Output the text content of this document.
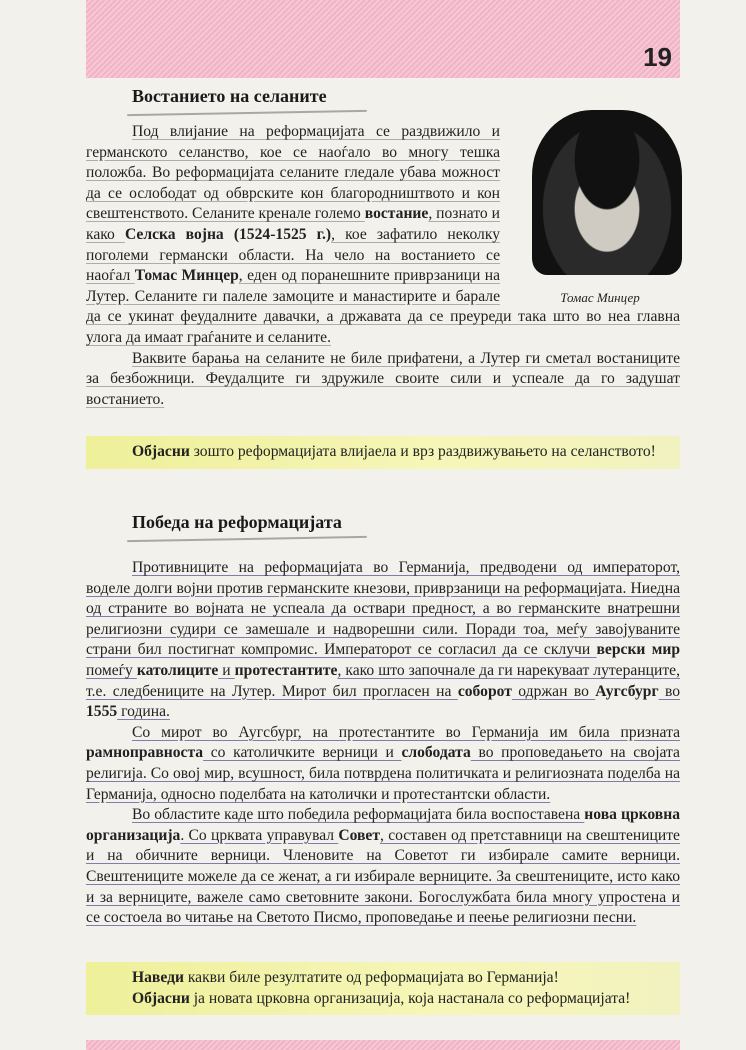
19
Востанието на селаните
Томас Минцер

Под влијание на реформацијата се раздвижило и германското селанство, кое се наоѓало во многу тешка положба. Во реформацијата селаните гледале убава можност да се ослободат од обврските кон благородништвото и кон свештенството. Селаните кренале големо востание, познато и како Селска војна (1524-1525 г.), кое зафатило неколку поголеми германски области. На чело на востанието се наоѓал Томас Минцер, еден од поранешните приврзаници на Лутер. Селаните ги палеле замоците и манастирите и барале да се укинат феудалните давачки, а државата да се преуреди така што во неа главна улога да имаат граѓаните и селаните.

Ваквите барања на селаните не биле прифатени, а Лутер ги сметал востаниците за безбожници. Феудалците ги здружиле своите сили и успеале да го задушат востанието.

Објасни зошто реформацијата влијаела и врз раздвижувањето на селанството!

Победа на реформацијата

Противниците на реформацијата во Германија, предводени од императорот, воделе долги војни против германските кнезови, приврзаници на реформацијата. Ниедна од страните во војната не успеала да оствари предност, а во германските внатрешни религиозни судири се замешале и надворешни сили. Поради тоа, меѓу завојуваните страни бил постигнат компромис. Императорот се согласил да се склучи верски мир помеѓу католиците и протестантите, како што започнале да ги нарекуваат лутеранците, т.е. следбениците на Лутер. Мирот бил прогласен на соборот одржан во Аугсбург во 1555 година.

Со мирот во Аугсбург, на протестантите во Германија им била призната рамноправноста со католичките верници и слободата во проповедањето на својата религија. Со овој мир, всушност, била потврдена политичката и религиозната поделба на Германија, односно поделбата на католички и протестантски области.

Во областите каде што победила реформацијата била воспоставена нова црковна организација. Со црквата управувал Совет, составен од претставници на свештениците и на обичните верници. Членовите на Советот ги избирале самите верници. Свештениците можеле да се женат, а ги избирале верниците. За свештениците, исто како и за верниците, важеле само световните закони. Богослужбата била многу упростена и се состоела во читање на Светото Писмо, проповедање и пеење религиозни песни.

Наведи какви биле резултатите од реформацијата во Германија!

Објасни ја новата црковна организација, која настанала со реформацијата!
